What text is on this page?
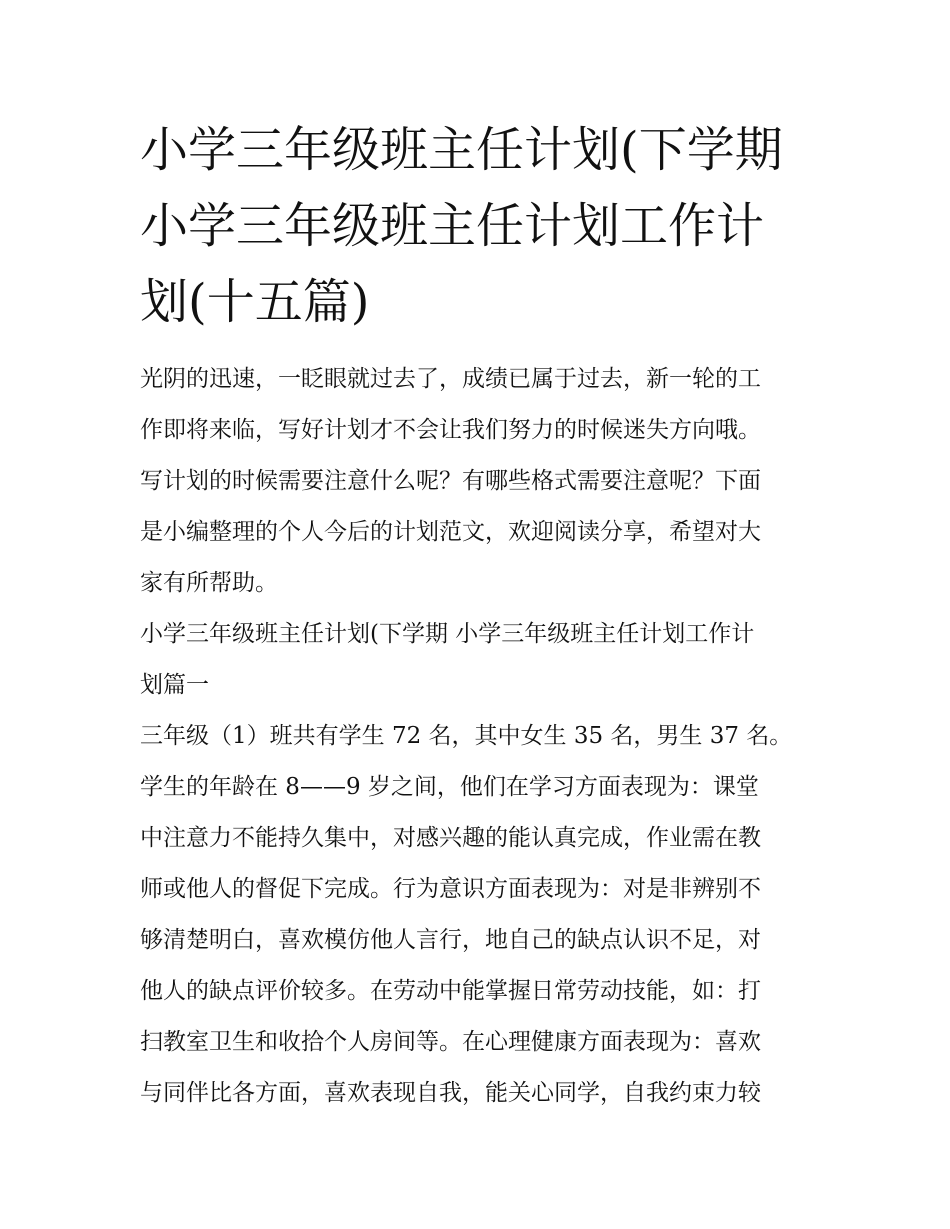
小学三年级班主任计划(下学期
小学三年级班主任计划工作计
划(十五篇)
光阴的迅速，一眨眼就过去了，成绩已属于过去，新一轮的工
作即将来临，写好计划才不会让我们努力的时候迷失方向哦。
写计划的时候需要注意什么呢？有哪些格式需要注意呢？下面
是小编整理的个人今后的计划范文，欢迎阅读分享，希望对大
家有所帮助。
小学三年级班主任计划(下学期 小学三年级班主任计划工作计
划篇一
三年级（1）班共有学生 72 名，其中女生 35 名，男生 37 名。
学生的年龄在 8——9 岁之间，他们在学习方面表现为：课堂
中注意力不能持久集中，对感兴趣的能认真完成，作业需在教
师或他人的督促下完成。行为意识方面表现为：对是非辨别不
够清楚明白，喜欢模仿他人言行，地自己的缺点认识不足，对
他人的缺点评价较多。在劳动中能掌握日常劳动技能，如：打
扫教室卫生和收拾个人房间等。在心理健康方面表现为：喜欢
与同伴比各方面，喜欢表现自我，能关心同学，自我约束力较
